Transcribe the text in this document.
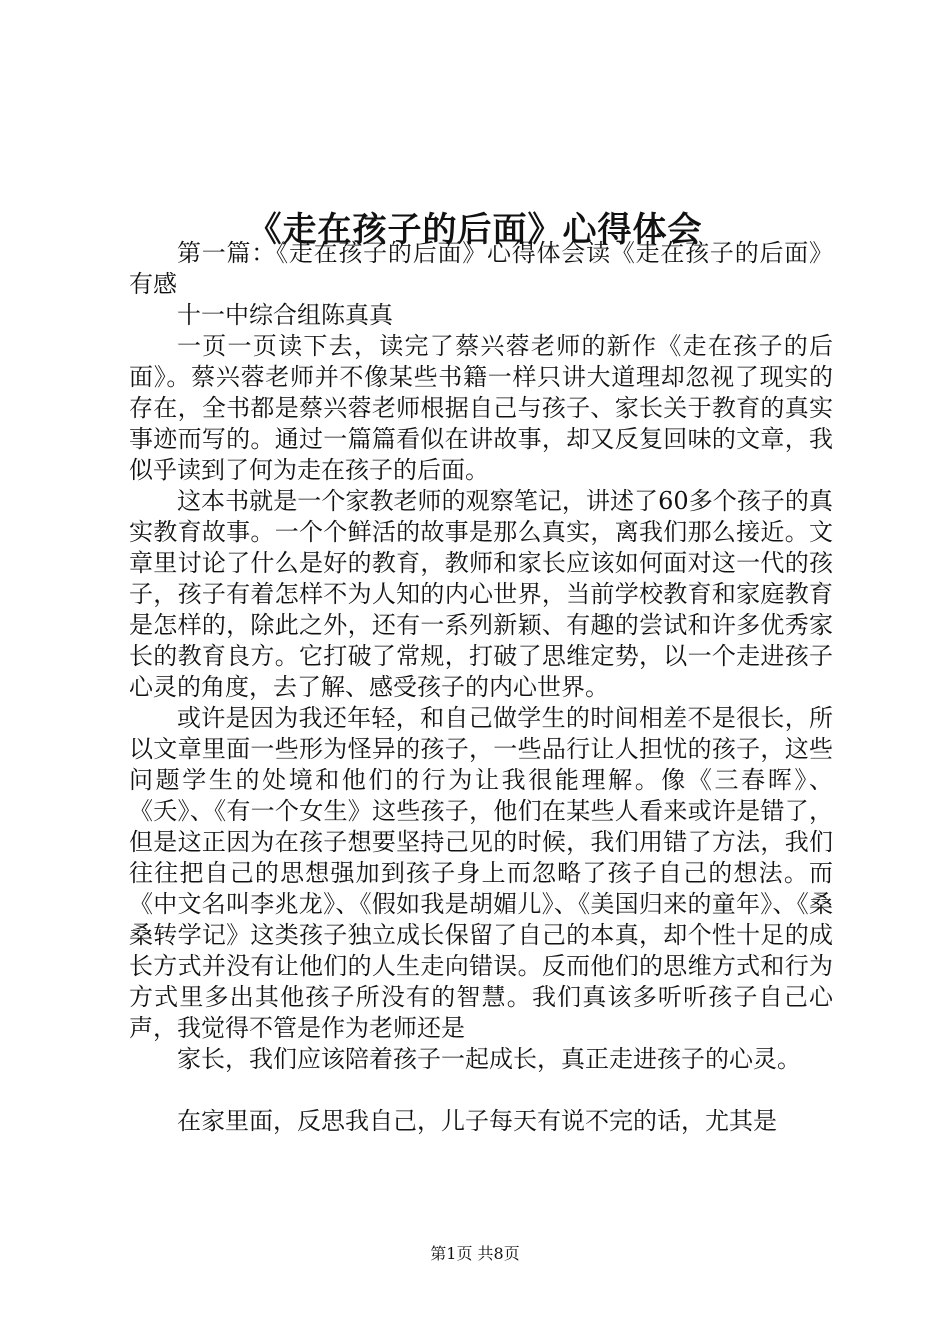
《走在孩子的后面》心得体会

第一篇：《走在孩子的后面》心得体会读《走在孩子的后面》有感

十一中综合组陈真真

一页一页读下去，读完了蔡兴蓉老师的新作《走在孩子的后面》。蔡兴蓉老师并不像某些书籍一样只讲大道理却忽视了现实的存在，全书都是蔡兴蓉老师根据自己与孩子、家长关于教育的真实事迹而写的。通过一篇篇看似在讲故事，却又反复回味的文章，我似乎读到了何为走在孩子的后面。

这本书就是一个家教老师的观察笔记，讲述了60多个孩子的真实教育故事。一个个鲜活的故事是那么真实，离我们那么接近。文章里讨论了什么是好的教育，教师和家长应该如何面对这一代的孩子，孩子有着怎样不为人知的内心世界，当前学校教育和家庭教育是怎样的，除此之外，还有一系列新颖、有趣的尝试和许多优秀家长的教育良方。它打破了常规，打破了思维定势，以一个走进孩子心灵的角度，去了解、感受孩子的内心世界。

或许是因为我还年轻，和自己做学生的时间相差不是很长，所以文章里面一些形为怪异的孩子，一些品行让人担忧的孩子，这些问题学生的处境和他们的行为让我很能理解。像《三春晖》、《夭》、《有一个女生》这些孩子，他们在某些人看来或许是错了，但是这正因为在孩子想要坚持己见的时候，我们用错了方法，我们往往把自己的思想强加到孩子身上而忽略了孩子自己的想法。而《中文名叫李兆龙》、《假如我是胡媚儿》、《美国归来的童年》、《桑桑转学记》这类孩子独立成长保留了自己的本真，却个性十足的成长方式并没有让他们的人生走向错误。反而他们的思维方式和行为方式里多出其他孩子所没有的智慧。我们真该多听听孩子自己心声，我觉得不管是作为老师还是

家长，我们应该陪着孩子一起成长，真正走进孩子的心灵。

在家里面，反思我自己，儿子每天有说不完的话，尤其是

第1页 共8页
